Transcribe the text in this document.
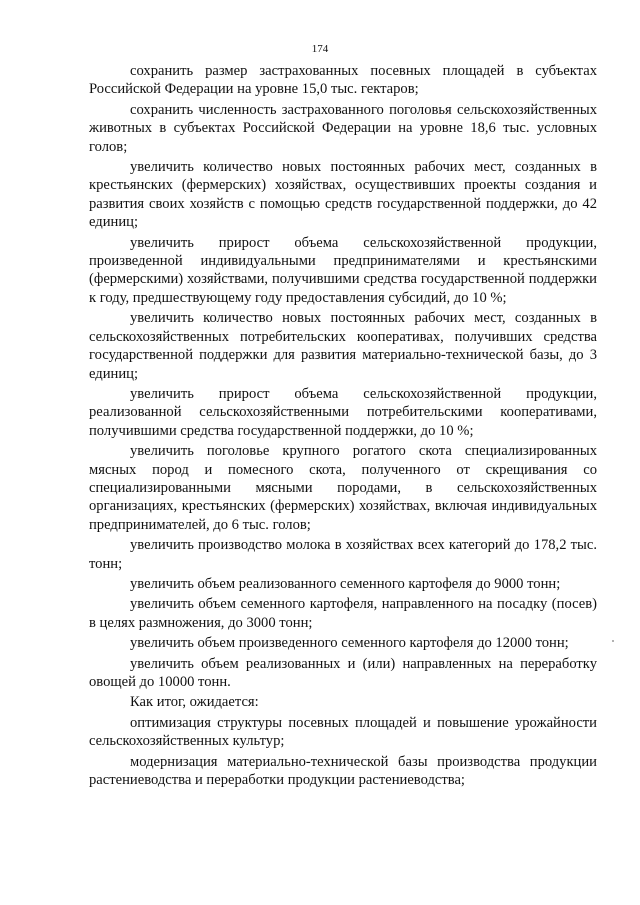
174

сохранить размер застрахованных посевных площадей в субъектах Российской Федерации на уровне 15,0 тыс. гектаров;

сохранить численность застрахованного поголовья сельскохозяйственных животных в субъектах Российской Федерации на уровне 18,6 тыс. условных голов;

увеличить количество новых постоянных рабочих мест, созданных в крестьянских (фермерских) хозяйствах, осуществивших проекты создания и развития своих хозяйств с помощью средств государственной поддержки, до 42 единиц;

увеличить прирост объема сельскохозяйственной продукции, произведенной индивидуальными предпринимателями и крестьянскими (фермерскими) хозяйствами, получившими средства государственной поддержки к году, предшествующему году предоставления субсидий, до 10 %;

увеличить количество новых постоянных рабочих мест, созданных в сельскохозяйственных потребительских кооперативах, получивших средства государственной поддержки для развития материально-технической базы, до 3 единиц;

увеличить прирост объема сельскохозяйственной продукции, реализованной сельскохозяйственными потребительскими кооперативами, получившими средства государственной поддержки, до 10 %;

увеличить поголовье крупного рогатого скота специализированных мясных пород и помесного скота, полученного от скрещивания со специализированными мясными породами, в сельскохозяйственных организациях, крестьянских (фермерских) хозяйствах, включая индивидуальных предпринимателей, до 6 тыс. голов;

увеличить производство молока в хозяйствах всех категорий до 178,2 тыс. тонн;

увеличить объем реализованного семенного картофеля до 9000 тонн;

увеличить объем семенного картофеля, направленного на посадку (посев) в целях размножения, до 3000 тонн;

увеличить объем произведенного семенного картофеля до 12000 тонн;

увеличить объем реализованных и (или) направленных на переработку овощей до 10000 тонн.

Как итог, ожидается:

оптимизация структуры посевных площадей и повышение урожайности сельскохозяйственных культур;

модернизация материально-технической базы производства продукции растениеводства и переработки продукции растениеводства;
